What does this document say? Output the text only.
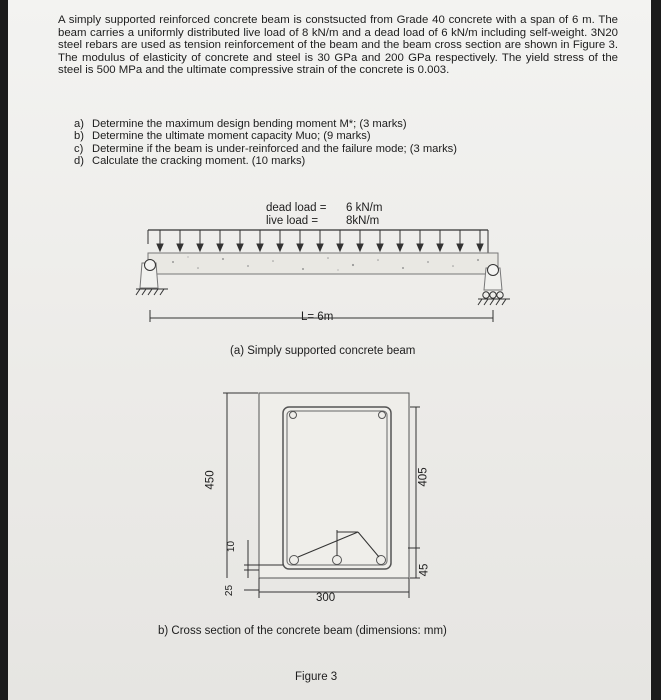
A simply supported reinforced concrete beam is constsucted from Grade 40 concrete with a span of 6 m. The beam carries a uniformly distributed live load of 8 kN/m and a dead load of 6 kN/m including self-weight. 3N20 steel rebars are used as tension reinforcement of the beam and the beam cross section are shown in Figure 3. The modulus of elasticity of concrete and steel is 30 GPa and 200 GPa respectively. The yield stress of the steel is 500 MPa and the ultimate compressive strain of the concrete is 0.003.

a) Determine the maximum design bending moment M*; (3 marks)
b) Determine the ultimate moment capacity Muo; (9 marks)
c) Determine if the beam is under-reinforced and the failure mode; (3 marks)
d) Calculate the cracking moment. (10 marks)
dead load = 6 kN/m
live load = 8kN/m
L= 6m
(a) Simply supported concrete beam
450	405
45
10
25
300
b) Cross section of the concrete beam (dimensions: mm)
Figure 3
